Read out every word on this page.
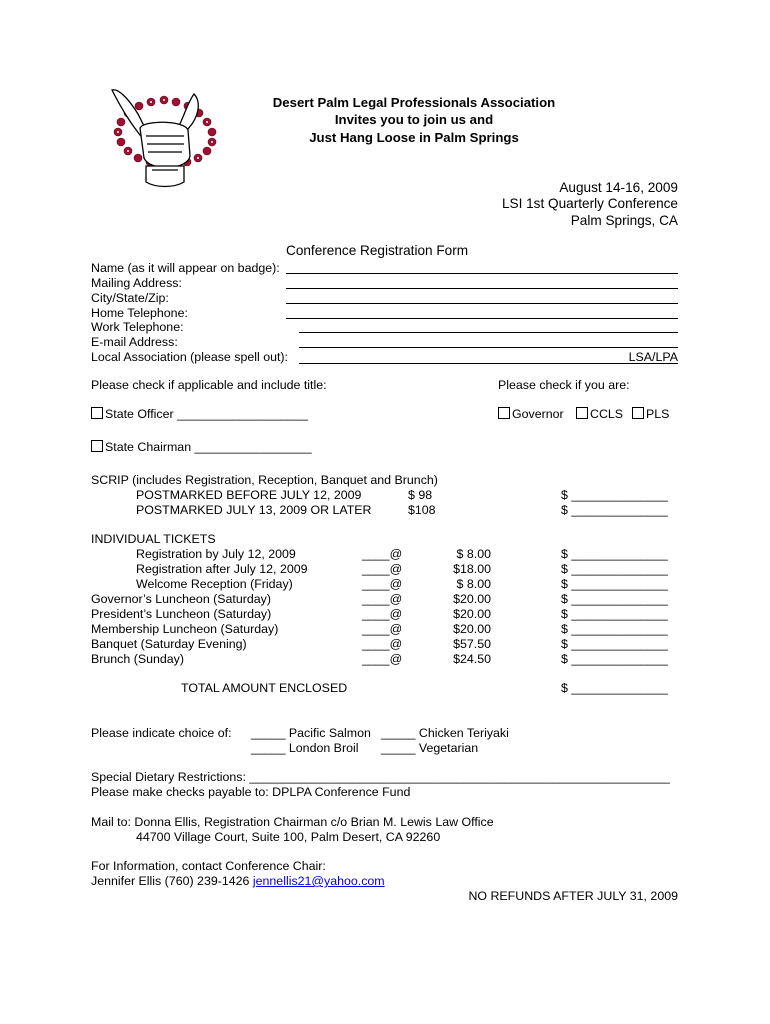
Desert Palm Legal Professionals Association
Invites you to join us and
Just Hang Loose in Palm Springs
August 14-16, 2009
LSI 1st Quarterly Conference
Palm Springs, CA
Conference Registration Form
Name (as it will appear on badge):
Mailing Address:
City/State/Zip:
Home Telephone:
Work Telephone:
E-mail Address:
Local Association (please spell out):	LSA/LPA
Please check if applicable and include title:	Please check if you are:
State Officer ___________________	Governor	CCLS	PLS
State Chairman _________________
SCRIP (includes Registration, Reception, Banquet and Brunch)
POSTMARKED BEFORE JULY 12, 2009	$ 98	$ ______________
POSTMARKED JULY 13, 2009 OR LATER	$108	$ ______________
INDIVIDUAL TICKETS
Registration by July 12, 2009	____@	$ 8.00	$ ______________
Registration after July 12, 2009	____@	$18.00	$ ______________
Welcome Reception (Friday)	____@	$ 8.00	$ ______________
Governor’s Luncheon (Saturday)	____@	$20.00	$ ______________
President’s Luncheon (Saturday)	____@	$20.00	$ ______________
Membership Luncheon (Saturday)	____@	$20.00	$ ______________
Banquet (Saturday Evening)	____@	$57.50	$ ______________
Brunch (Sunday)	____@	$24.50	$ ______________
TOTAL AMOUNT ENCLOSED	$ ______________
Please indicate choice of: _____ Pacific Salmon _____ Chicken Teriyaki
_____ London Broil _____ Vegetarian
Special Dietary Restrictions: _____________________________________________________________
Please make checks payable to: DPLPA Conference Fund
Mail to: Donna Ellis, Registration Chairman c/o Brian M. Lewis Law Office
44700 Village Court, Suite 100, Palm Desert, CA 92260
For Information, contact Conference Chair:
Jennifer Ellis (760) 239-1426 jennellis21@yahoo.com
NO REFUNDS AFTER JULY 31, 2009
